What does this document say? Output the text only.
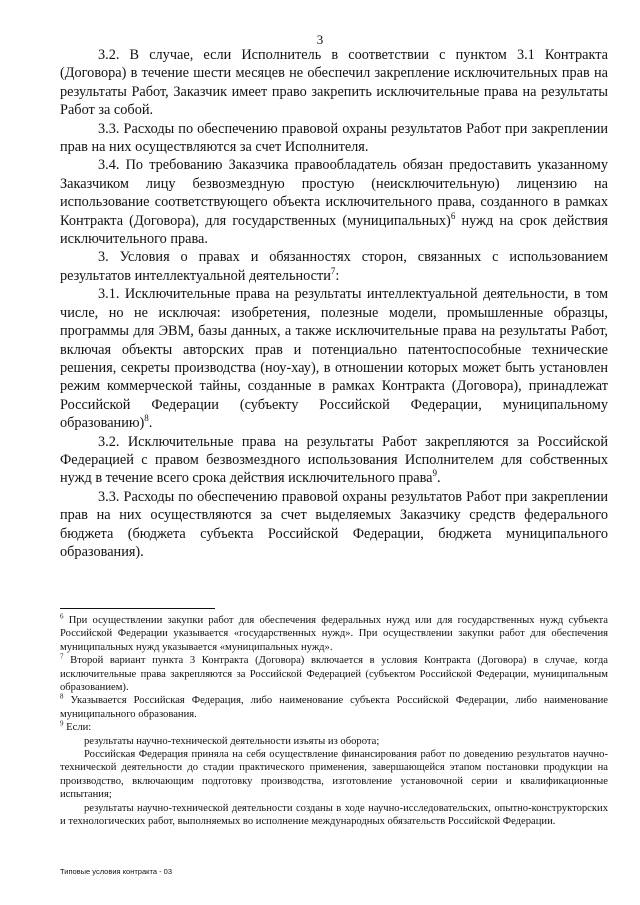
3

3.2. В случае, если Исполнитель в соответствии с пунктом 3.1 Контракта (Договора) в течение шести месяцев не обеспечил закрепление исключительных прав на результаты Работ, Заказчик имеет право закрепить исключительные права на результаты Работ за собой.

3.3. Расходы по обеспечению правовой охраны результатов Работ при закреплении прав на них осуществляются за счет Исполнителя.

3.4. По требованию Заказчика правообладатель обязан предоставить указанному Заказчиком лицу безвозмездную простую (неисключительную) лицензию на использование соответствующего объекта исключительного права, созданного в рамках Контракта (Договора), для государственных (муниципальных)$^6$ нужд на срок действия исключительного права.

3. Условия о правах и обязанностях сторон, связанных с использованием результатов интеллектуальной деятельности$^7$:

3.1. Исключительные права на результаты интеллектуальной деятельности, в том числе, но не исключая: изобретения, полезные модели, промышленные образцы, программы для ЭВМ, базы данных, а также исключительные права на результаты Работ, включая объекты авторских прав и потенциально патентоспособные технические решения, секреты производства (ноу-хау), в отношении которых может быть установлен режим коммерческой тайны, созданные в рамках Контракта (Договора), принадлежат Российской Федерации (субъекту Российской Федерации, муниципальному образованию)$^8$.

3.2. Исключительные права на результаты Работ закрепляются за Российской Федерацией с правом безвозмездного использования Исполнителем для собственных нужд в течение всего срока действия исключительного права$^9$.

3.3. Расходы по обеспечению правовой охраны результатов Работ при закреплении прав на них осуществляются за счет выделяемых Заказчику средств федерального бюджета (бюджета субъекта Российской Федерации, бюджета муниципального образования).

$^6$ При осуществлении закупки работ для обеспечения федеральных нужд или для государственных нужд субъекта Российской Федерации указывается «государственных нужд». При осуществлении закупки работ для обеспечения муниципальных нужд указывается «муниципальных нужд».

$^7$ Второй вариант пункта 3 Контракта (Договора) включается в условия Контракта (Договора) в случае, когда исключительные права закрепляются за Российской Федерацией (субъектом Российской Федерации, муниципальным образованием).

$^8$ Указывается Российская Федерация, либо наименование субъекта Российской Федерации, либо наименование муниципального образования.

$^9$ Если:

результаты научно-технической деятельности изъяты из оборота;

Российская Федерация приняла на себя осуществление финансирования работ по доведению результатов научно-технической деятельности до стадии практического применения, завершающейся этапом постановки продукции на производство, включающим подготовку производства, изготовление установочной серии и квалификационные испытания;

результаты научно-технической деятельности созданы в ходе научно-исследовательских, опытно-конструкторских и технологических работ, выполняемых во исполнение международных обязательств Российской Федерации.

Типовые условия контракта - 03
